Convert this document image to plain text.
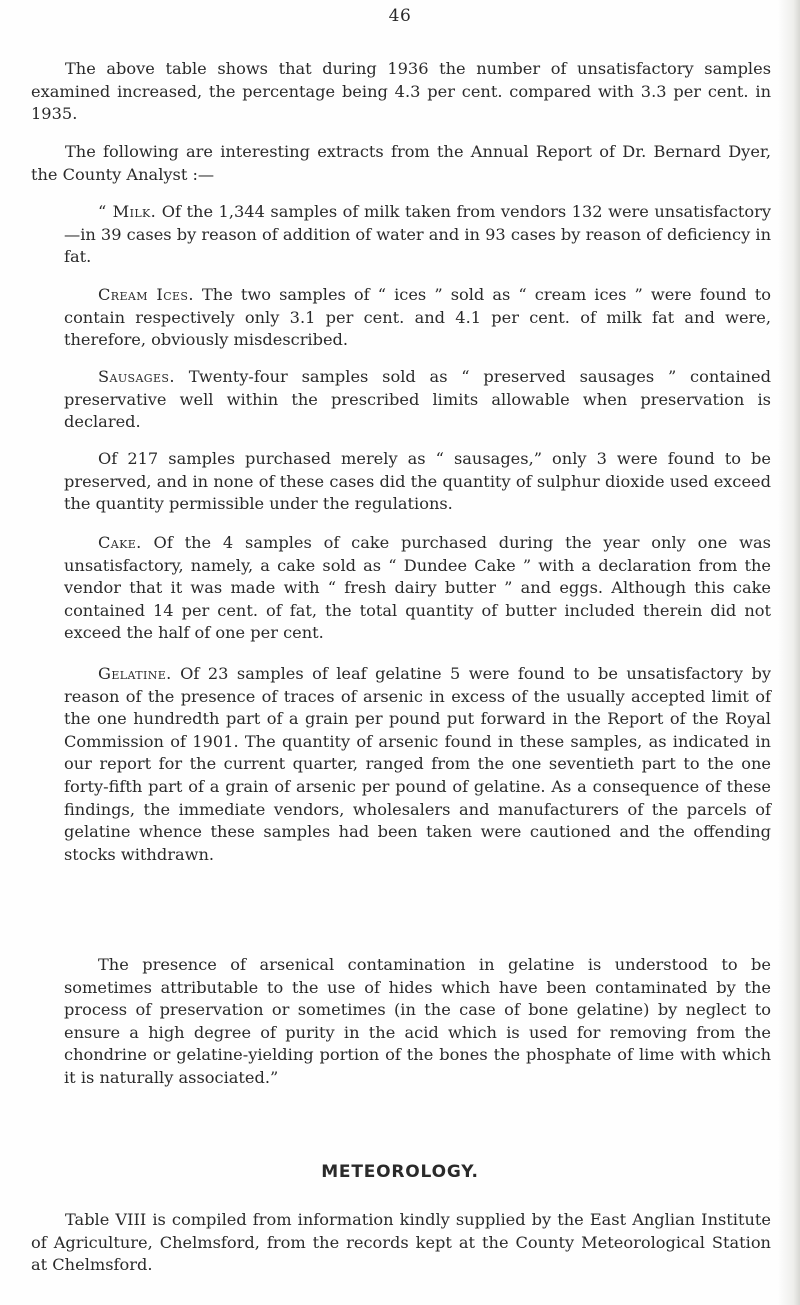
46

The above table shows that during 1936 the number of unsatisfactory samples examined increased, the percentage being 4.3 per cent. compared with 3.3 per cent. in 1935.

The following are interesting extracts from the Annual Report of Dr. Bernard Dyer, the County Analyst :—

“ Milk. Of the 1,344 samples of milk taken from vendors 132 were unsatisfactory—in 39 cases by reason of addition of water and in 93 cases by reason of deficiency in fat.

Cream Ices. The two samples of “ ices ” sold as “ cream ices ” were found to contain respectively only 3.1 per cent. and 4.1 per cent. of milk fat and were, therefore, obviously misdescribed.

Sausages. Twenty-four samples sold as “ preserved sausages ” contained preservative well within the prescribed limits allowable when preservation is declared.

Of 217 samples purchased merely as “ sausages,” only 3 were found to be preserved, and in none of these cases did the quantity of sulphur dioxide used exceed the quantity permissible under the regulations.

Cake. Of the 4 samples of cake purchased during the year only one was unsatisfactory, namely, a cake sold as “ Dundee Cake ” with a declaration from the vendor that it was made with “ fresh dairy butter ” and eggs. Although this cake contained 14 per cent. of fat, the total quantity of butter included therein did not exceed the half of one per cent.

Gelatine. Of 23 samples of leaf gelatine 5 were found to be unsatisfactory by reason of the presence of traces of arsenic in excess of the usually accepted limit of the one hundredth part of a grain per pound put forward in the Report of the Royal Commission of 1901. The quantity of arsenic found in these samples, as indicated in our report for the current quarter, ranged from the one seventieth part to the one forty-fifth part of a grain of arsenic per pound of gelatine. As a consequence of these findings, the immediate vendors, wholesalers and manufacturers of the parcels of gelatine whence these samples had been taken were cautioned and the offending stocks withdrawn.

The presence of arsenical contamination in gelatine is understood to be sometimes attributable to the use of hides which have been contaminated by the process of preservation or sometimes (in the case of bone gelatine) by neglect to ensure a high degree of purity in the acid which is used for removing from the chondrine or gelatine-yielding portion of the bones the phosphate of lime with which it is naturally associated.”

METEOROLOGY.

Table VIII is compiled from information kindly supplied by the East Anglian Institute of Agriculture, Chelmsford, from the records kept at the County Meteorological Station at Chelmsford.
